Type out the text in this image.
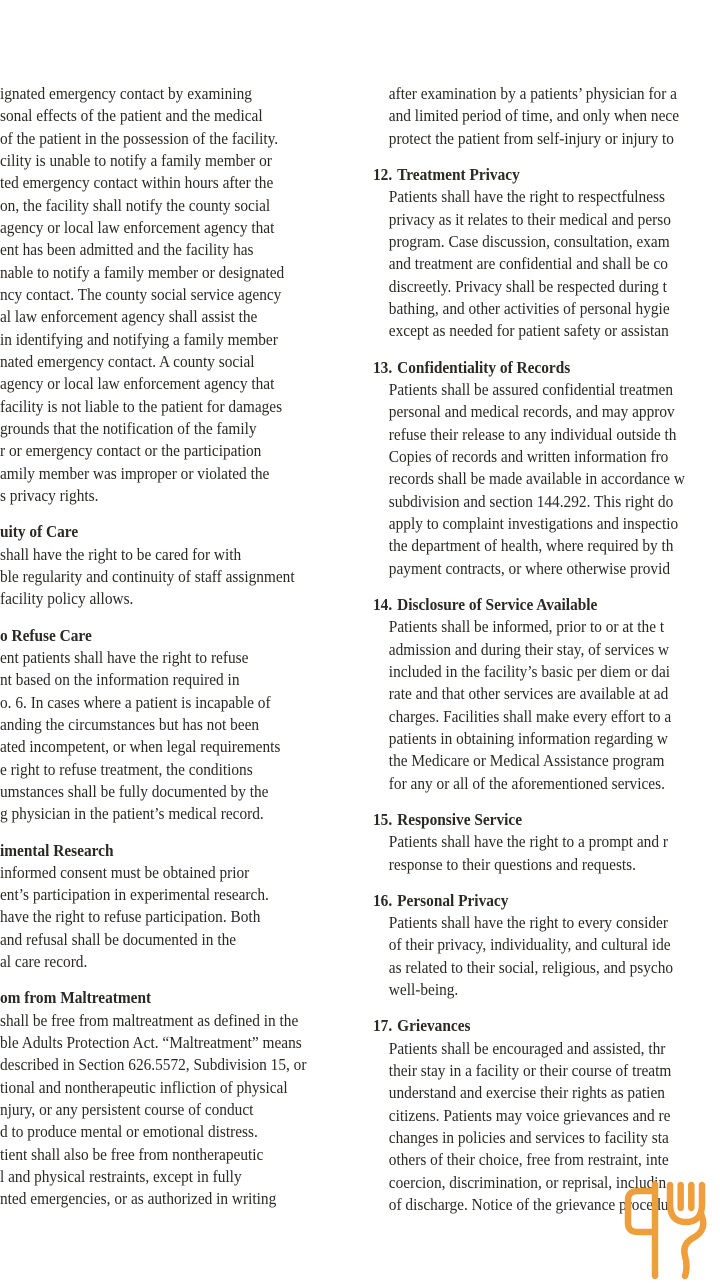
ignated emergency contact by examining
sonal effects of the patient and the medical
of the patient in the possession of the facility.
cility is unable to notify a family member or
ted emergency contact within hours after the
on, the facility shall notify the county social
agency or local law enforcement agency that
ent has been admitted and the facility has
nable to notify a family member or designated
ncy contact. The county social service agency
al law enforcement agency shall assist the
in identifying and notifying a family member
nated emergency contact. A county social
agency or local law enforcement agency that
facility is not liable to the patient for damages
grounds that the notification of the family
r or emergency contact or the participation
amily member was improper or violated the
s privacy rights.
uity of Care
shall have the right to be cared for with
ble regularity and continuity of staff assignment
facility policy allows.
o Refuse Care
ent patients shall have the right to refuse
nt based on the information required in
o. 6. In cases where a patient is incapable of
anding the circumstances but has not been
ated incompetent, or when legal requirements
e right to refuse treatment, the conditions
umstances shall be fully documented by the
g physician in the patient’s medical record.
imental Research
informed consent must be obtained prior
ent’s participation in experimental research.
have the right to refuse participation. Both
and refusal shall be documented in the
al care record.
om from Maltreatment
shall be free from maltreatment as defined in the
ble Adults Protection Act. “Maltreatment” means
described in Section 626.5572, Subdivision 15, or
tional and nontherapeutic infliction of physical
njury, or any persistent course of conduct
d to produce mental or emotional distress.
tient shall also be free from nontherapeutic
l and physical restraints, except in fully
nted emergencies, or as authorized in writing
after examination by a patients’ physician for a
and limited period of time, and only when nece
protect the patient from self-injury or injury to
12. Treatment Privacy
Patients shall have the right to respectfulness
privacy as it relates to their medical and perso
program. Case discussion, consultation, exam
and treatment are confidential and shall be co
discreetly. Privacy shall be respected during t
bathing, and other activities of personal hygie
except as needed for patient safety or assistan
13. Confidentiality of Records
Patients shall be assured confidential treatmen
personal and medical records, and may approv
refuse their release to any individual outside th
Copies of records and written information fro
records shall be made available in accordance w
subdivision and section 144.292. This right do
apply to complaint investigations and inspectio
the department of health, where required by th
payment contracts, or where otherwise provid
14. Disclosure of Service Available
Patients shall be informed, prior to or at the t
admission and during their stay, of services w
included in the facility’s basic per diem or dai
rate and that other services are available at ad
charges. Facilities shall make every effort to a
patients in obtaining information regarding w
the Medicare or Medical Assistance program
for any or all of the aforementioned services.
15. Responsive Service
Patients shall have the right to a prompt and r
response to their questions and requests.
16. Personal Privacy
Patients shall have the right to every consider
of their privacy, individuality, and cultural ide
as related to their social, religious, and psycho
well-being.
17. Grievances
Patients shall be encouraged and assisted, thr
their stay in a facility or their course of treatm
understand and exercise their rights as patien
citizens. Patients may voice grievances and re
changes in policies and services to facility sta
others of their choice, free from restraint, inte
coercion, discrimination, or reprisal, includin
of discharge. Notice of the grievance procedu
